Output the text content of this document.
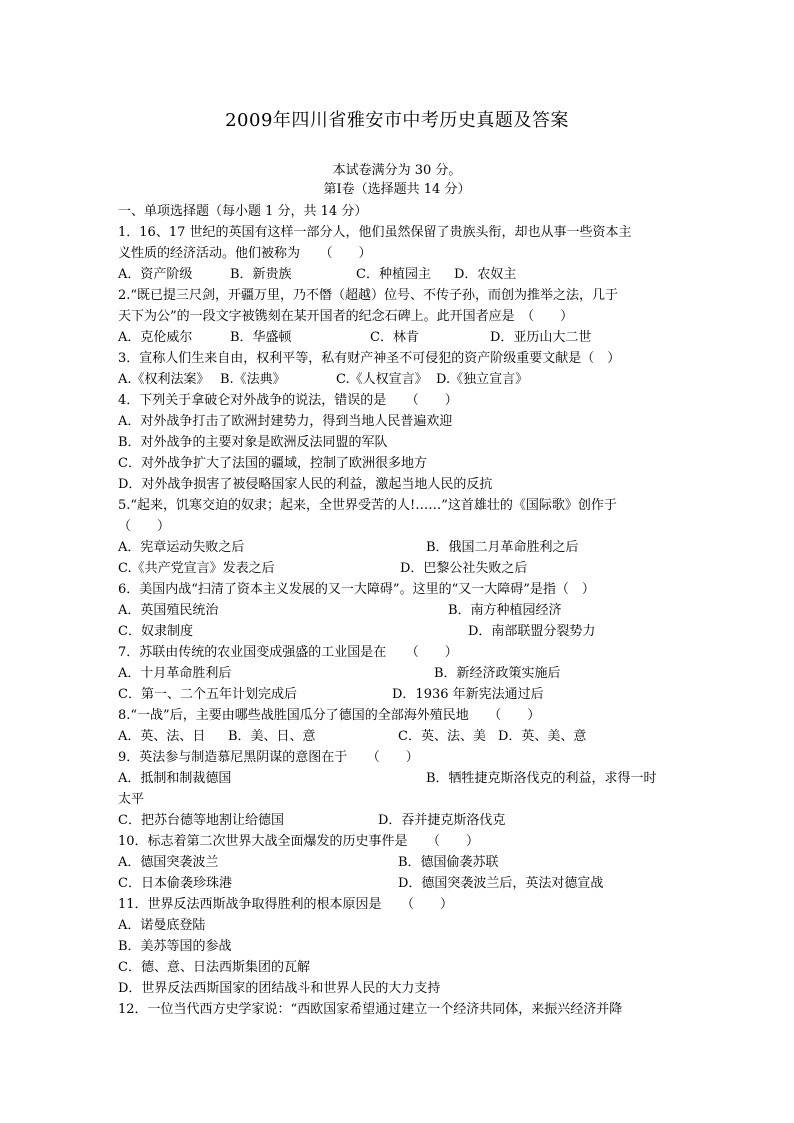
2009年四川省雅安市中考历史真题及答案
本试卷满分为 30 分。
第Ⅰ卷（选择题共 14 分）
一、单项选择题（每小题 1 分，共 14 分）
1．16、17 世纪的英国有这样一部分人，他们虽然保留了贵族头衔，却也从事一些资本主
义性质的经济活动。他们被称为　　（　　）
A．资产阶级	B．新贵族	C．种植园主 D．农奴主
2.“既已提三尺剑，开疆万里，乃不僭（超越）位号、不传子孙，而创为推举之法，几于
天下为公”的一段文字被镌刻在某开国者的纪念石碑上。此开国者应是　（　　）
A．克伦威尔	B．华盛顿	C．林肯	D．亚历山大二世
3．宣称人们生来自由，权利平等，私有财产神圣不可侵犯的资产阶级重要文献是（　）
A.《权利法案》 B.《法典》	C.《人权宣言》 D.《独立宣言》
4．下列关于拿破仑对外战争的说法，错误的是　　（　　）
A．对外战争打击了欧洲封建势力，得到当地人民普遍欢迎
B．对外战争的主要对象是欧洲反法同盟的军队
C．对外战争扩大了法国的疆域，控制了欧洲很多地方
D．对外战争损害了被侵略国家人民的利益，激起当地人民的反抗
5.“起来，饥寒交迫的奴隶；起来，全世界受苦的人!……”这首雄壮的《国际歌》创作于
（　　）
A．宪章运动失败之后	B．俄国二月革命胜利之后
C.《共产党宣言》发表之后	D．巴黎公社失败之后
6．美国内战“扫清了资本主义发展的又一大障碍”。这里的“又一大障碍”是指（　）
A．英国殖民统治	B．南方种植园经济
C．奴隶制度	D．南部联盟分裂势力
7．苏联由传统的农业国变成强盛的工业国是在　　（　　）
A．十月革命胜利后	B．新经济政策实施后
C．第一、二个五年计划完成后	D．1936 年新宪法通过后
8.“一战”后，主要由哪些战胜国瓜分了德国的全部海外殖民地　　（　　）
A．英、法、日 B．美、日、意	C．英、法、美 D．英、美、意
9．英法参与制造慕尼黑阴谋的意图在于　　（　　）
A．抵制和制裁德国	B．牺牲捷克斯洛伐克的利益，求得一时
太平
C．把苏台德等地割让给德国	D．吞并捷克斯洛伐克
10．标志着第二次世界大战全面爆发的历史事件是　　（　　）
A．德国突袭波兰	B．德国偷袭苏联
C．日本偷袭珍珠港	D．德国突袭波兰后，英法对德宣战
11．世界反法西斯战争取得胜利的根本原因是　　（　　）
A．诺曼底登陆
B．美苏等国的参战
C．德、意、日法西斯集团的瓦解
D．世界反法西斯国家的团结战斗和世界人民的大力支持
12．一位当代西方史学家说：“西欧国家希望通过建立一个经济共同体，来振兴经济并降
